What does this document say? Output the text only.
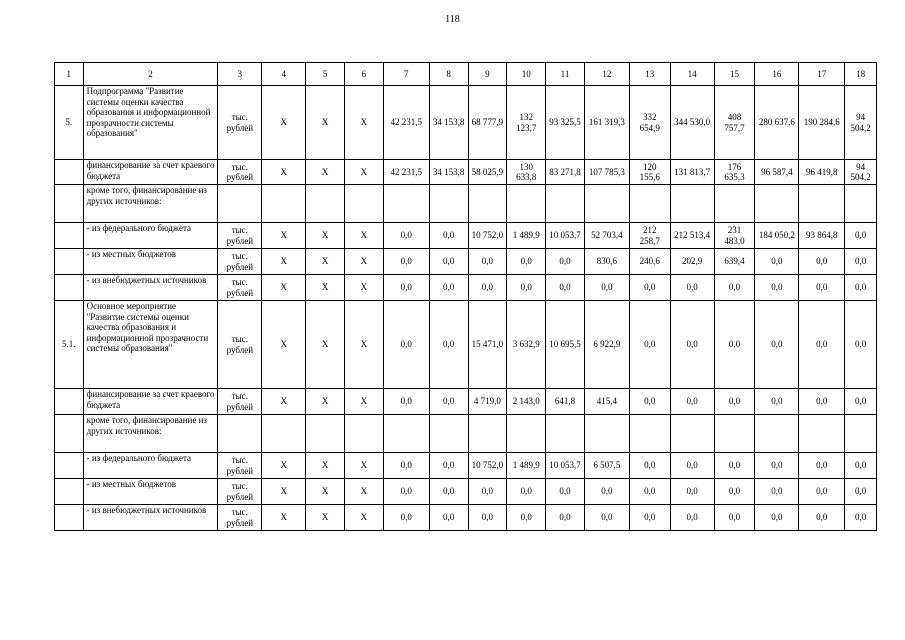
118
1	2	3	4	5	6	7	8	9	10	11	12	13	14	15	16	17	18
5.	Подпрограмма "Развитие системы оценки качества образования и информационной прозрачности системы образования"	тыс. рублей	X	X	X	42 231,5	34 153,8	68 777,9	132 123,7	93 325,5	161 319,3	332 654,9	344 530,0	408 757,7	280 637,6	190 284,6	94 504,2
	финансирование за счет краевого бюджета	тыс. рублей	X	X	X	42 231,5	34 153,8	58 025,9	130 633,8	83 271,8	107 785,3	120 155,6	131 813,7	176 635,3	96 587,4	96 419,8	94 504,2
	кроме того, финансирование из других источников:																
	- из федерального бюджета	тыс. рублей	X	X	X	0,0	0,0	10 752,0	1 489,9	10 053,7	52 703,4	212 258,7	212 513,4	231 483,0	184 050,2	93 864,8	0,0
	- из местных бюджетов	тыс. рублей	X	X	X	0,0	0,0	0,0	0,0	0,0	830,6	240,6	202,9	639,4	0,0	0,0	0,0
	- из внебюджетных источников	тыс. рублей	X	X	X	0,0	0,0	0,0	0,0	0,0	0,0	0,0	0,0	0,0	0,0	0,0	0,0
5.1.	Основное мероприятие "Развитие системы оценки качества образования и информационной прозрачности системы образования"	тыс. рублей	X	X	X	0,0	0,0	15 471,0	3 632,9	10 695,5	6 922,9	0,0	0,0	0,0	0,0	0,0	0,0
	финансирование за счет краевого бюджета	тыс. рублей	X	X	X	0,0	0,0	4 719,0	2 143,0	641,8	415,4	0,0	0,0	0,0	0,0	0,0	0,0
	кроме того, финансирование из других источников:																
	- из федерального бюджета	тыс. рублей	X	X	X	0,0	0,0	10 752,0	1 489,9	10 053,7	6 507,5	0,0	0,0	0,0	0,0	0,0	0,0
	- из местных бюджетов	тыс. рублей	X	X	X	0,0	0,0	0,0	0,0	0,0	0,0	0,0	0,0	0,0	0,0	0,0	0,0
	- из внебюджетных источников	тыс. рублей	X	X	X	0,0	0,0	0,0	0,0	0,0	0,0	0,0	0,0	0,0	0,0	0,0	0,0
